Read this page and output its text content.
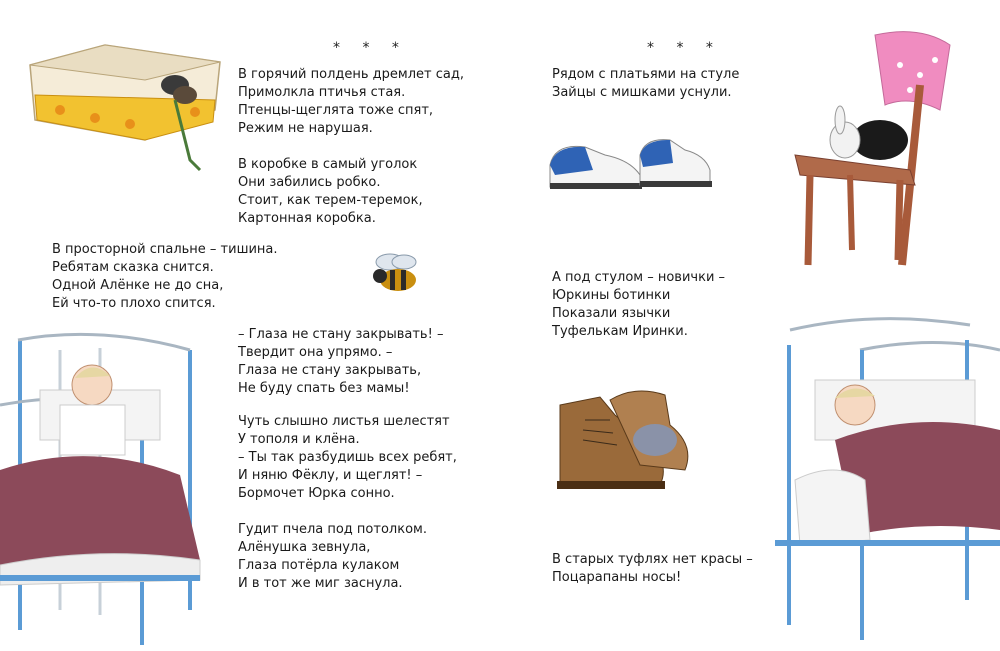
* * *
В горячий полдень дремлет сад,
Примолкла птичья стая.
Птенцы-щеглята тоже спят,
Режим не нарушая.
В коробке в самый уголок
Они забились робко.
Стоит, как терем-теремок,
Картонная коробка.
В просторной спальне – тишина.
Ребятам сказка снится.
Одной Алёнке не до сна,
Ей что-то плохо спится.
– Глаза не стану закрывать! –
Твердит она упрямо. –
Глаза не стану закрывать,
Не буду спать без мамы!
Чуть слышно листья шелестят
У тополя и клёна.
– Ты так разбудишь всех ребят,
И няню Фёклу, и щеглят! –
Бормочет Юрка сонно.
Гудит пчела под потолком.
Алёнушка зевнула,
Глаза потёрла кулаком
И в тот же миг заснула.
* * *
Рядом с платьями на стуле
Зайцы с мишками уснули.
А под стулом – новички –
Юркины ботинки
Показали язычки
Туфелькам Иринки.
В старых туфлях нет красы –
Поцарапаны носы!
